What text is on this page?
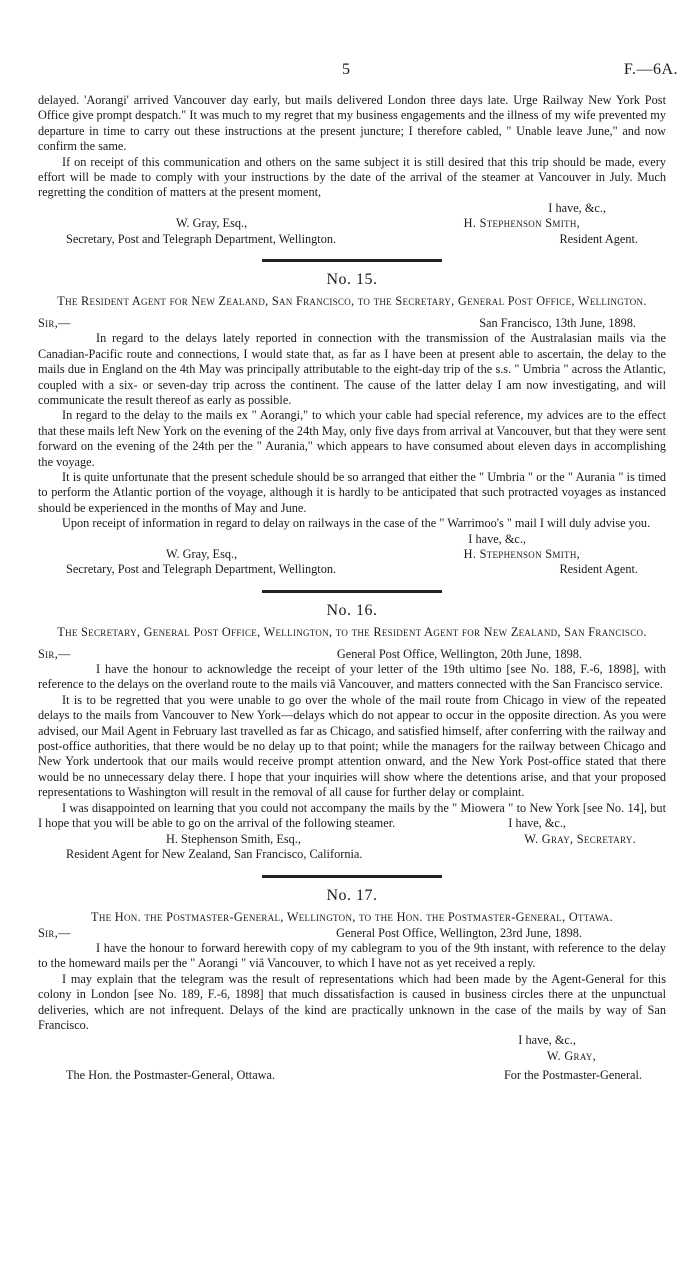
5	F.—6A.

delayed. 'Aorangi' arrived Vancouver day early, but mails delivered London three days late. Urge Railway New York Post Office give prompt despatch." It was much to my regret that my business engagements and the illness of my wife prevented my departure in time to carry out these instructions at the present juncture; I therefore cabled, " Unable leave June," and now confirm the same.

If on receipt of this communication and others on the same subject it is still desired that this trip should be made, every effort will be made to comply with your instructions by the date of the arrival of the steamer at Vancouver in July. Much regretting the condition of matters at the present moment,

I have, &c.,

W. Gray, Esq.,	H. Stephenson Smith,
Secretary, Post and Telegraph Department, Wellington.	Resident Agent.
No. 15.

The Resident Agent for New Zealand, San Francisco, to the Secretary, General Post Office, Wellington.

Sir,—	San Francisco, 13th June, 1898.

In regard to the delays lately reported in connection with the transmission of the Australasian mails via the Canadian-Pacific route and connections, I would state that, as far as I have been at present able to ascertain, the delay to the mails due in England on the 4th May was principally attributable to the eight-day trip of the s.s. " Umbria " across the Atlantic, coupled with a six- or seven-day trip across the continent. The cause of the latter delay I am now investigating, and will communicate the result thereof as early as possible.

In regard to the delay to the mails ex " Aorangi," to which your cable had special reference, my advices are to the effect that these mails left New York on the evening of the 24th May, only five days from arrival at Vancouver, but that they were sent forward on the evening of the 24th per the " Aurania," which appears to have consumed about eleven days in accomplishing the voyage.

It is quite unfortunate that the present schedule should be so arranged that either the " Umbria " or the " Aurania " is timed to perform the Atlantic portion of the voyage, although it is hardly to be anticipated that such protracted voyages as instanced should be experienced in the months of May and June.

Upon receipt of information in regard to delay on railways in the case of the " Warrimoo's " mail I will duly advise you.

I have, &c.,

W. Gray, Esq.,	H. Stephenson Smith,
Secretary, Post and Telegraph Department, Wellington.	Resident Agent.
No. 16.

The Secretary, General Post Office, Wellington, to the Resident Agent for New Zealand, San Francisco.

Sir,—	General Post Office, Wellington, 20th June, 1898.

I have the honour to acknowledge the receipt of your letter of the 19th ultimo [see No. 188, F.-6, 1898], with reference to the delays on the overland route to the mails viâ Vancouver, and matters connected with the San Francisco service.

It is to be regretted that you were unable to go over the whole of the mail route from Chicago in view of the repeated delays to the mails from Vancouver to New York—delays which do not appear to occur in the opposite direction. As you were advised, our Mail Agent in February last travelled as far as Chicago, and satisfied himself, after conferring with the railway and post-office authorities, that there would be no delay up to that point; while the managers for the railway between Chicago and New York undertook that our mails would receive prompt attention onward, and the New York Post-office stated that there would be no unnecessary delay there. I hope that your inquiries will show where the detentions arise, and that your proposed representations to Washington will result in the removal of all cause for further delay or complaint.

I was disappointed on learning that you could not accompany the mails by the " Miowera " to New York [see No. 14], but I hope that you will be able to go on the arrival of the following steamer.	I have, &c.,

H. Stephenson Smith, Esq.,	W. Gray, Secretary.
Resident Agent for New Zealand, San Francisco, California.
No. 17.

The Hon. the Postmaster-General, Wellington, to the Hon. the Postmaster-General, Ottawa.

Sir,—	General Post Office, Wellington, 23rd June, 1898.

I have the honour to forward herewith copy of my cablegram to you of the 9th instant, with reference to the delay to the homeward mails per the " Aorangi " viâ Vancouver, to which I have not as yet received a reply.

I may explain that the telegram was the result of representations which had been made by the Agent-General for this colony in London [see No. 189, F.-6, 1898] that much dissatisfaction is caused in business circles there at the unpunctual deliveries, which are not infrequent. Delays of the kind are practically unknown in the case of the mails by way of San Francisco.

I have, &c.,

W. Gray,

The Hon. the Postmaster-General, Ottawa.	For the Postmaster-General.
